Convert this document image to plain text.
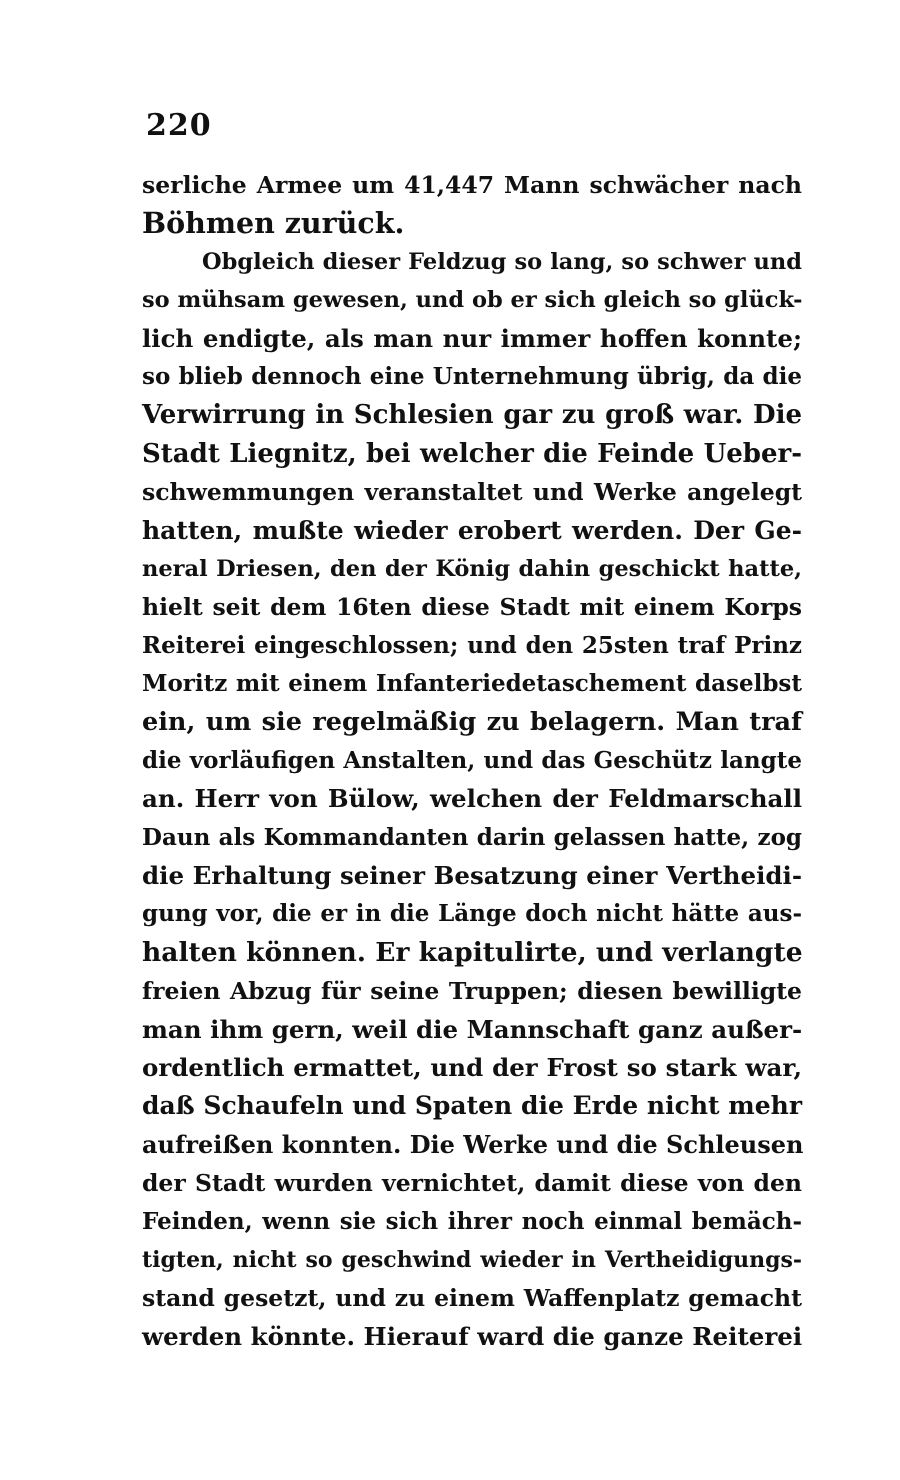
220
serliche Armee um 41,447 Mann schwächer nach
Böhmen zurück.
Obgleich dieser Feldzug so lang, so schwer und
so mühsam gewesen, und ob er sich gleich so glück-
lich endigte, als man nur immer hoffen konnte;
so blieb dennoch eine Unternehmung übrig, da die
Verwirrung in Schlesien gar zu groß war. Die
Stadt Liegnitz, bei welcher die Feinde Ueber-
schwemmungen veranstaltet und Werke angelegt
hatten, mußte wieder erobert werden. Der Ge-
neral Driesen, den der König dahin geschickt hatte,
hielt seit dem 16ten diese Stadt mit einem Korps
Reiterei eingeschlossen; und den 25sten traf Prinz
Moritz mit einem Infanteriedetaschement daselbst
ein, um sie regelmäßig zu belagern. Man traf
die vorläufigen Anstalten, und das Geschütz langte
an. Herr von Bülow, welchen der Feldmarschall
Daun als Kommandanten darin gelassen hatte, zog
die Erhaltung seiner Besatzung einer Vertheidi-
gung vor, die er in die Länge doch nicht hätte aus-
halten können. Er kapitulirte, und verlangte
freien Abzug für seine Truppen; diesen bewilligte
man ihm gern, weil die Mannschaft ganz außer-
ordentlich ermattet, und der Frost so stark war,
daß Schaufeln und Spaten die Erde nicht mehr
aufreißen konnten. Die Werke und die Schleusen
der Stadt wurden vernichtet, damit diese von den
Feinden, wenn sie sich ihrer noch einmal bemäch-
tigten, nicht so geschwind wieder in Vertheidigungs-
stand gesetzt, und zu einem Waffenplatz gemacht
werden könnte. Hierauf ward die ganze Reiterei
